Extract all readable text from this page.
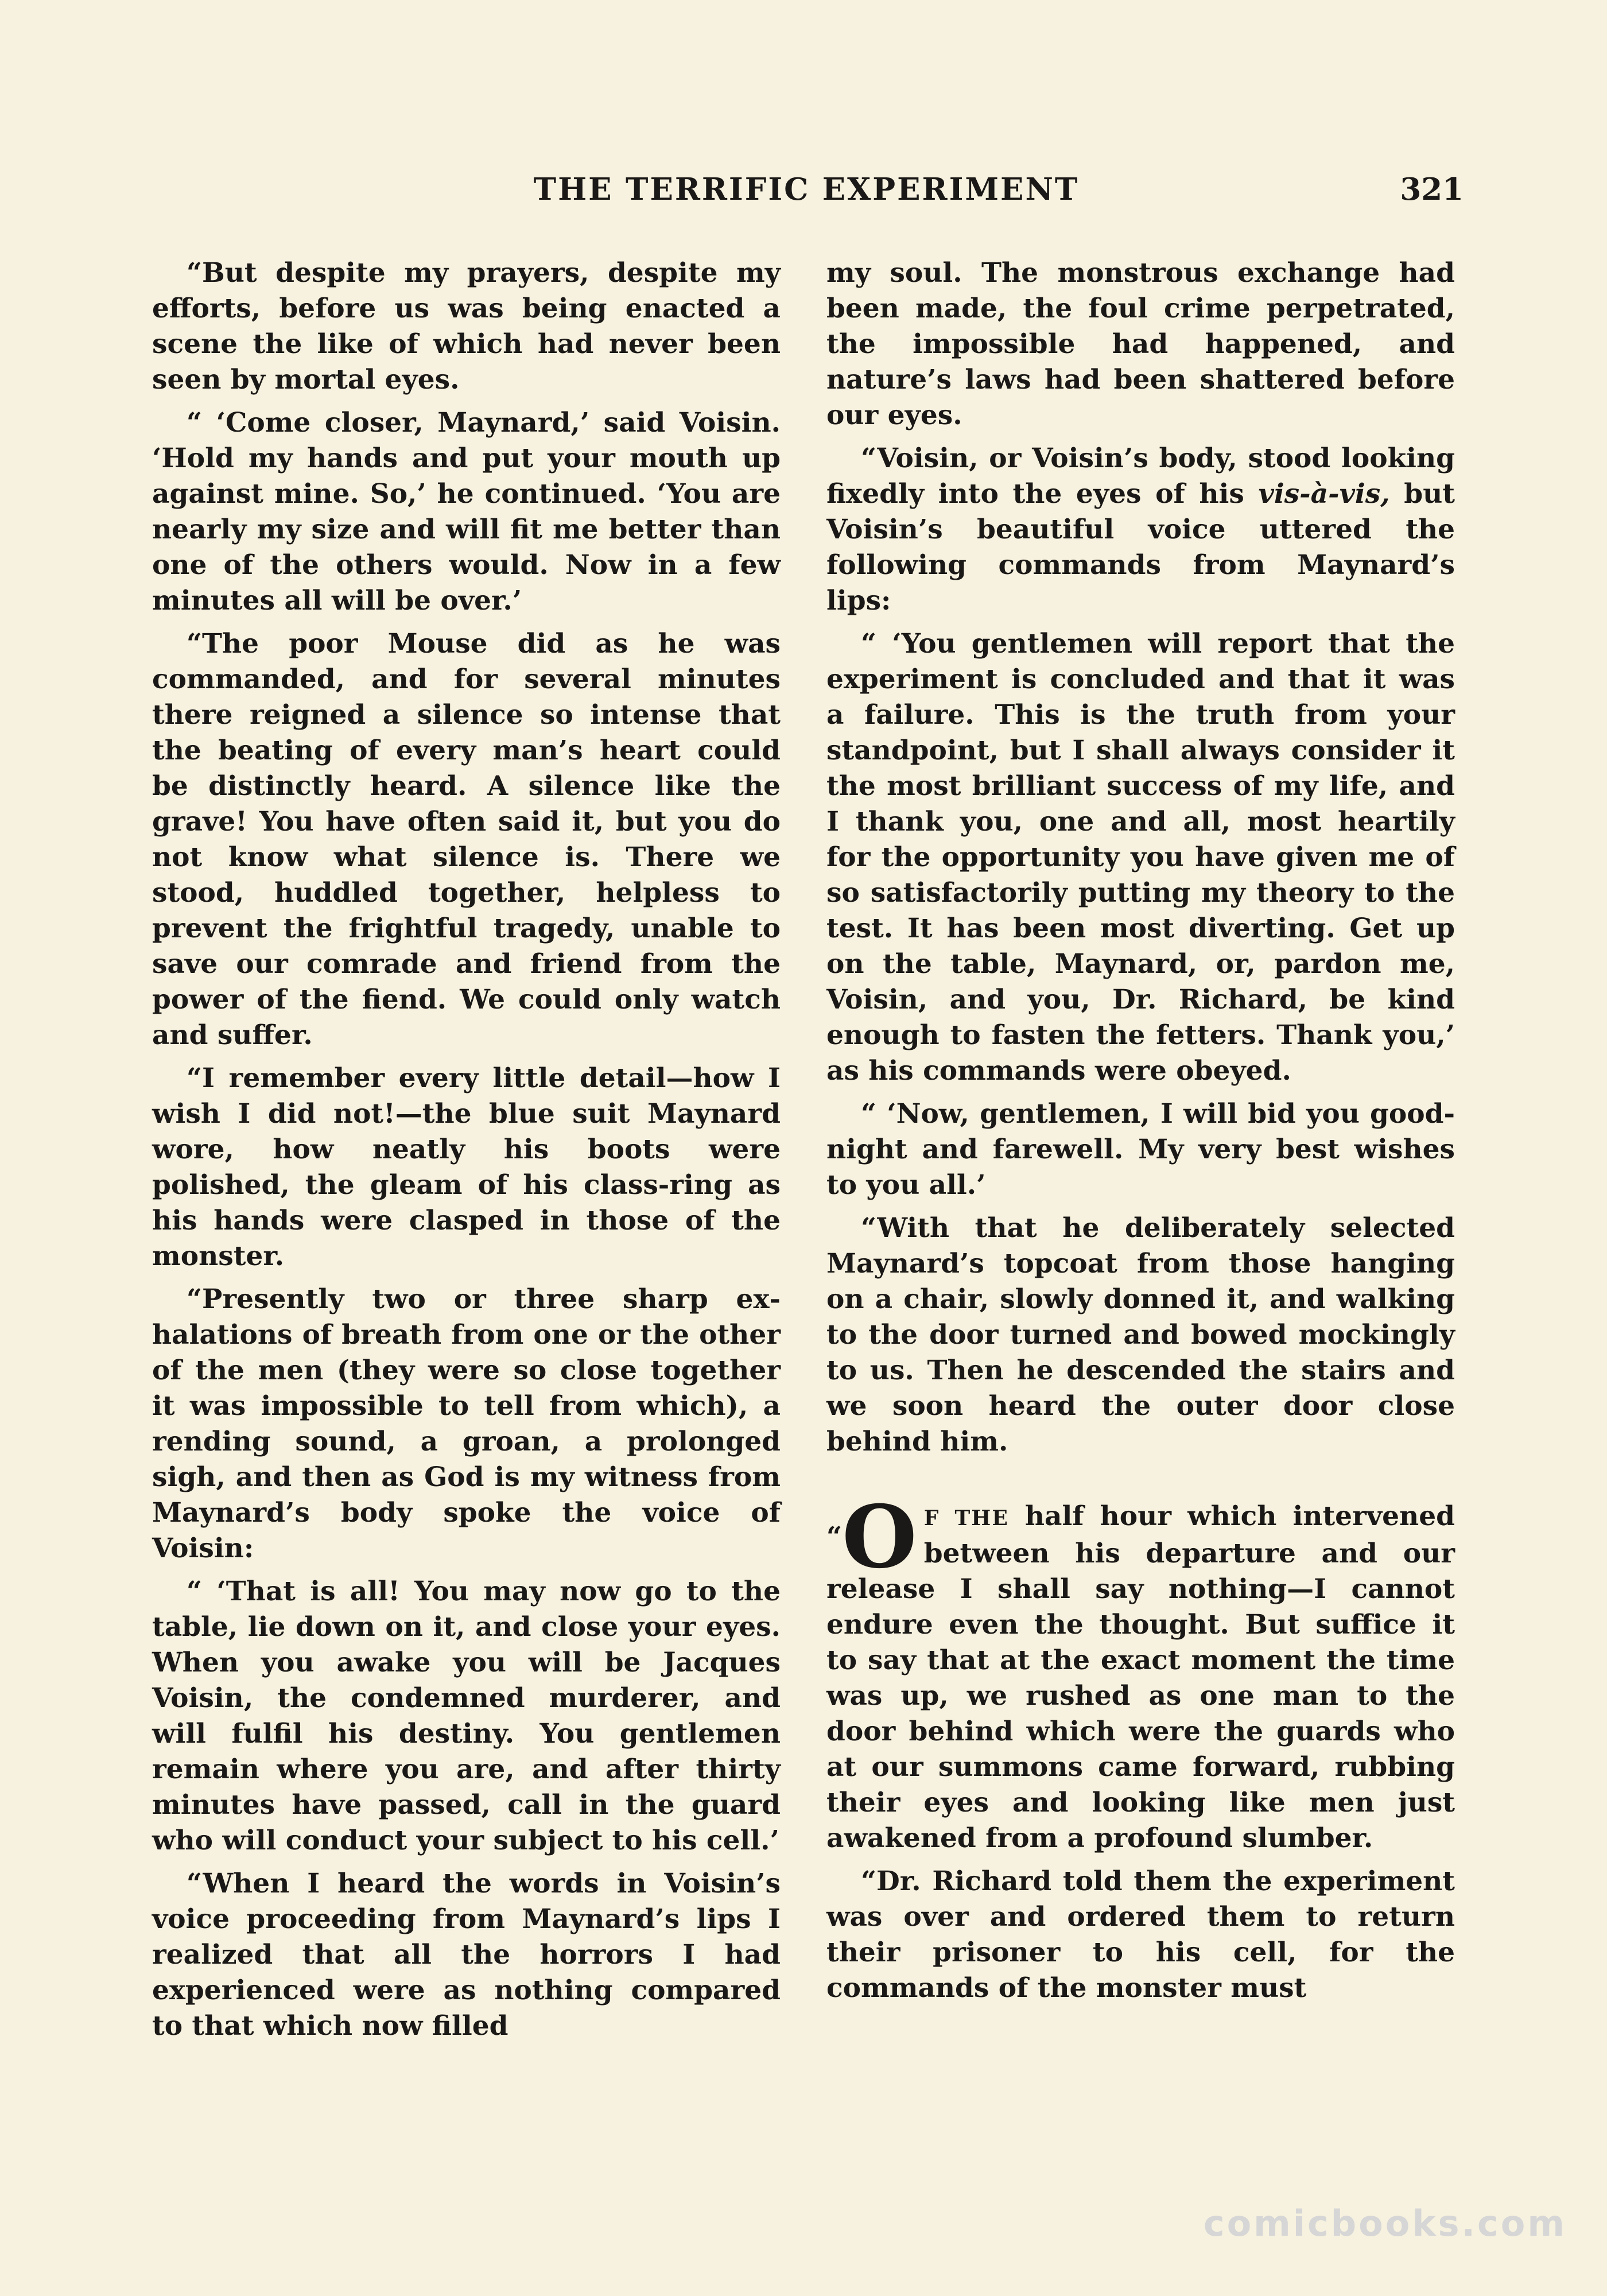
THE TERRIFIC EXPERIMENT	321

“But despite my prayers, despite my efforts, before us was being enacted a scene the like of which had never been seen by mortal eyes.

“ ‘Come closer, Maynard,’ said Voisin. ‘Hold my hands and put your mouth up against mine. So,’ he continued. ‘You are nearly my size and will fit me better than one of the others would. Now in a few minutes all will be over.’

“The poor Mouse did as he was commanded, and for several minutes there reigned a silence so intense that the beating of every man’s heart could be distinctly heard. A silence like the grave! You have often said it, but you do not know what silence is. There we stood, huddled together, helpless to prevent the frightful tragedy, unable to save our comrade and friend from the power of the fiend. We could only watch and suffer.

“I remember every little detail—how I wish I did not!—the blue suit Maynard wore, how neatly his boots were polished, the gleam of his class-ring as his hands were clasped in those of the monster.

“Presently two or three sharp exhalations of breath from one or the other of the men (they were so close together it was impossible to tell from which), a rending sound, a groan, a prolonged sigh, and then as God is my witness from Maynard’s body spoke the voice of Voisin:

“ ‘That is all! You may now go to the table, lie down on it, and close your eyes. When you awake you will be Jacques Voisin, the condemned murderer, and will fulfil his destiny. You gentlemen remain where you are, and after thirty minutes have passed, call in the guard who will conduct your subject to his cell.’

“When I heard the words in Voisin’s voice proceeding from Maynard’s lips I realized that all the horrors I had experienced were as nothing compared to that which now filled

my soul. The monstrous exchange had been made, the foul crime perpetrated, the impossible had happened, and nature’s laws had been shattered before our eyes.

“Voisin, or Voisin’s body, stood looking fixedly into the eyes of his vis-à-vis, but Voisin’s beautiful voice uttered the following commands from Maynard’s lips:

“ ‘You gentlemen will report that the experiment is concluded and that it was a failure. This is the truth from your standpoint, but I shall always consider it the most brilliant success of my life, and I thank you, one and all, most heartily for the opportunity you have given me of so satisfactorily putting my theory to the test. It has been most diverting. Get up on the table, Maynard, or, pardon me, Voisin, and you, Dr. Richard, be kind enough to fasten the fetters. Thank you,’ as his commands were obeyed.

“ ‘Now, gentlemen, I will bid you good-night and farewell. My very best wishes to you all.’

“With that he deliberately selected Maynard’s topcoat from those hanging on a chair, slowly donned it, and walking to the door turned and bowed mockingly to us. Then he descended the stairs and we soon heard the outer door close behind him.

“O F THE half hour which intervened between his departure and our release I shall say nothing—I cannot endure even the thought. But suffice it to say that at the exact moment the time was up, we rushed as one man to the door behind which were the guards who at our summons came forward, rubbing their eyes and looking like men just awakened from a profound slumber.

“Dr. Richard told them the experiment was over and ordered them to return their prisoner to his cell, for the commands of the monster must

comicbooks.com
